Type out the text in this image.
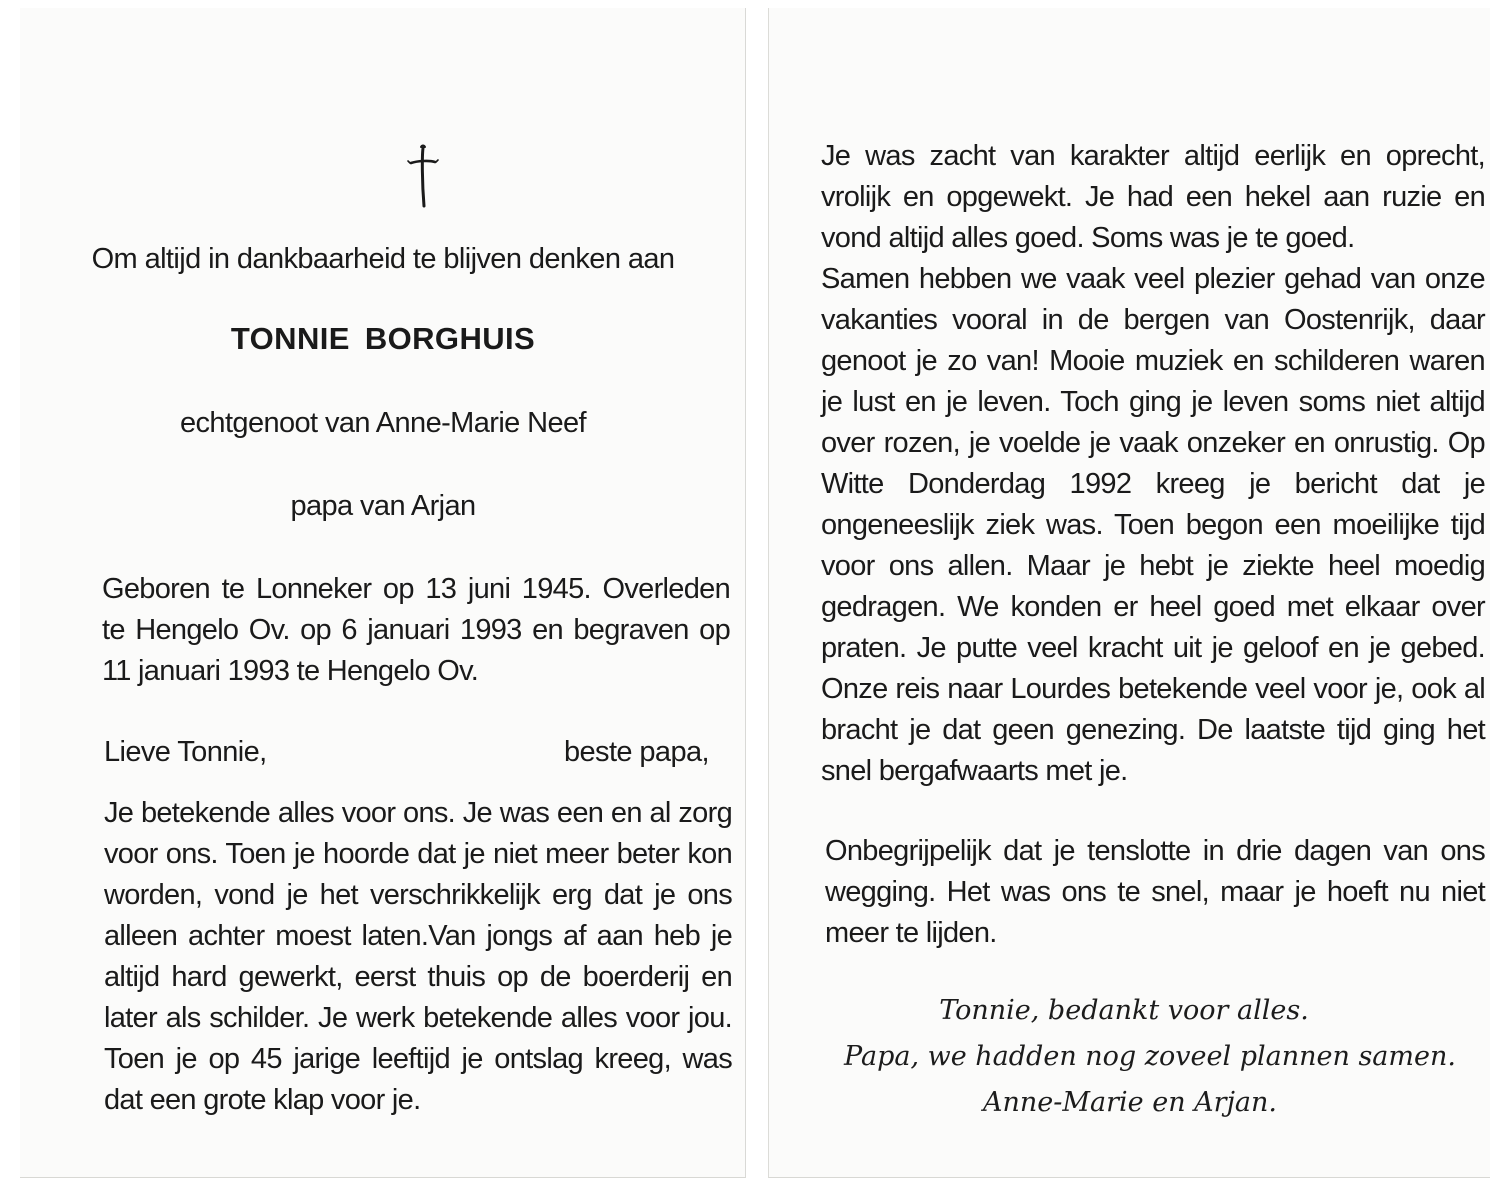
Om altijd in dankbaarheid te blijven denken aan
TONNIE BORGHUIS
echtgenoot van Anne-Marie Neef
papa van Arjan
Geboren te Lonneker op 13 juni 1945. Overleden te Hengelo Ov. op 6 januari 1993 en begraven op 11 januari 1993 te Hengelo Ov.
Lieve Tonnie,	beste papa,
Je betekende alles voor ons. Je was een en al zorg voor ons. Toen je hoorde dat je niet meer beter kon worden, vond je het verschrikkelijk erg dat je ons alleen achter moest laten.Van jongs af aan heb je altijd hard gewerkt, eerst thuis op de boerderij en later als schilder. Je werk betekende alles voor jou. Toen je op 45 jarige leeftijd je ontslag kreeg, was dat een grote klap voor je.
Je was zacht van karakter altijd eerlijk en oprecht, vrolijk en opgewekt. Je had een hekel aan ruzie en vond altijd alles goed. Soms was je te goed.
Samen hebben we vaak veel plezier gehad van onze vakanties vooral in de bergen van Oostenrijk, daar genoot je zo van! Mooie muziek en schilderen waren je lust en je leven. Toch ging je leven soms niet altijd over rozen, je voelde je vaak onzeker en onrustig. Op Witte Donderdag 1992 kreeg je bericht dat je ongeneeslijk ziek was. Toen begon een moeilijke tijd voor ons allen. Maar je hebt je ziekte heel moedig gedragen. We konden er heel goed met elkaar over praten. Je putte veel kracht uit je geloof en je gebed. Onze reis naar Lourdes betekende veel voor je, ook al bracht je dat geen genezing. De laatste tijd ging het snel bergafwaarts met je.
Onbegrijpelijk dat je tenslotte in drie dagen van ons wegging. Het was ons te snel, maar je hoeft nu niet meer te lijden.
Tonnie, bedankt voor alles.
Papa, we hadden nog zoveel plannen samen.
Anne-Marie en Arjan.
